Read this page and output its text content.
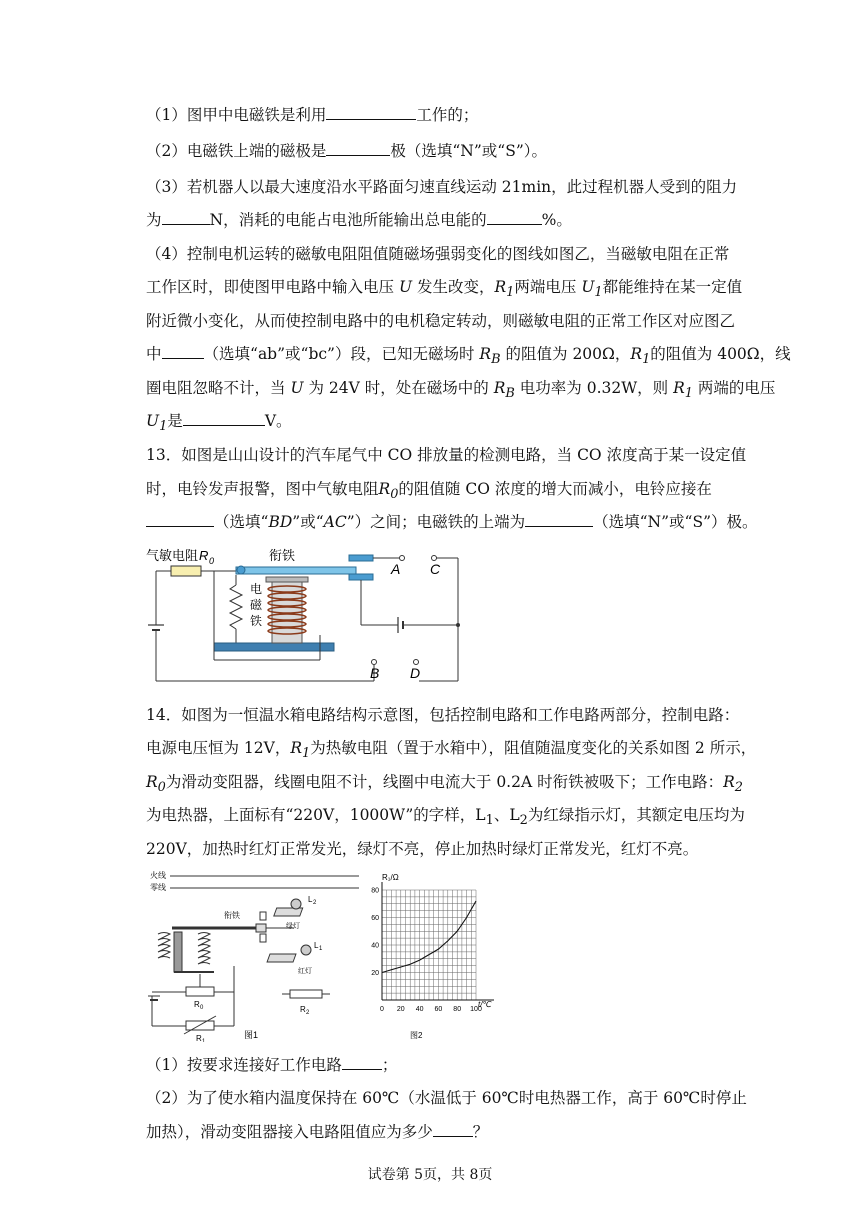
（1）图甲中电磁铁是利用	工作的；
（2）电磁铁上端的磁极是	极（选填“N”或“S”）。
（3）若机器人以最大速度沿水平路面匀速直线运动 21min，此过程机器人受到的阻力
为	N，消耗的电能占电池所能输出总电能的	%。
（4）控制电机运转的磁敏电阻阻值随磁场强弱变化的图线如图乙，当磁敏电阻在正常
工作区时，即使图甲电路中输入电压 U 发生改变，$R_1$两端电压 $U_1$都能维持在某一定值
附近微小变化，从而使控制电路中的电机稳定转动，则磁敏电阻的正常工作区对应图乙
中	（选填“ab”或“bc”）段，已知无磁场时 $R_B$ 的阻值为 200Ω，$R_1$的阻值为 400Ω，线
圈电阻忽略不计，当 U 为 24V 时，处在磁场中的 $R_B$ 电功率为 0.32W，则 $R_1$ 两端的电压
$U_1$是	V。
13．如图是山山设计的汽车尾气中 CO 排放量的检测电路，当 CO 浓度高于某一设定值
时，电铃发声报警，图中气敏电阻$R_0$的阻值随 CO 浓度的增大而减小，电铃应接在
（选填“BD”或“AC”）之间；电磁铁的上端为	（选填“N”或“S”）极。
气敏电阻 R 0	衔铁
电
磁
铁
A C
B D
14．如图为一恒温水箱电路结构示意图，包括控制电路和工作电路两部分，控制电路：
电源电压恒为 12V，$R_1$为热敏电阻（置于水箱中），阻值随温度变化的关系如图 2 所示，
$R_0$为滑动变阻器，线圈电阻不计，线圈中电流大于 0.2A 时衔铁被吸下；工作电路：$R_2$
为电热器，上面标有“220V，1000W”的字样，$L_1$、$L_2$为红绿指示灯，其额定电压均为
220V，加热时红灯正常发光，绿灯不亮，停止加热时绿灯正常发光，红灯不亮。
火线
零线
衔铁
R 0
R 1
L 2
绿灯
L 1
红灯
R 2
图1
R₁/Ω
t/℃
图2
0 20 40 60 80 100
20
40
60
80
（1）按要求连接好工作电路	；
（2）为了使水箱内温度保持在 60℃（水温低于 60℃时电热器工作，高于 60℃时停止
加热），滑动变阻器接入电路阻值应为多少	？
试卷第 5页，共 8页
